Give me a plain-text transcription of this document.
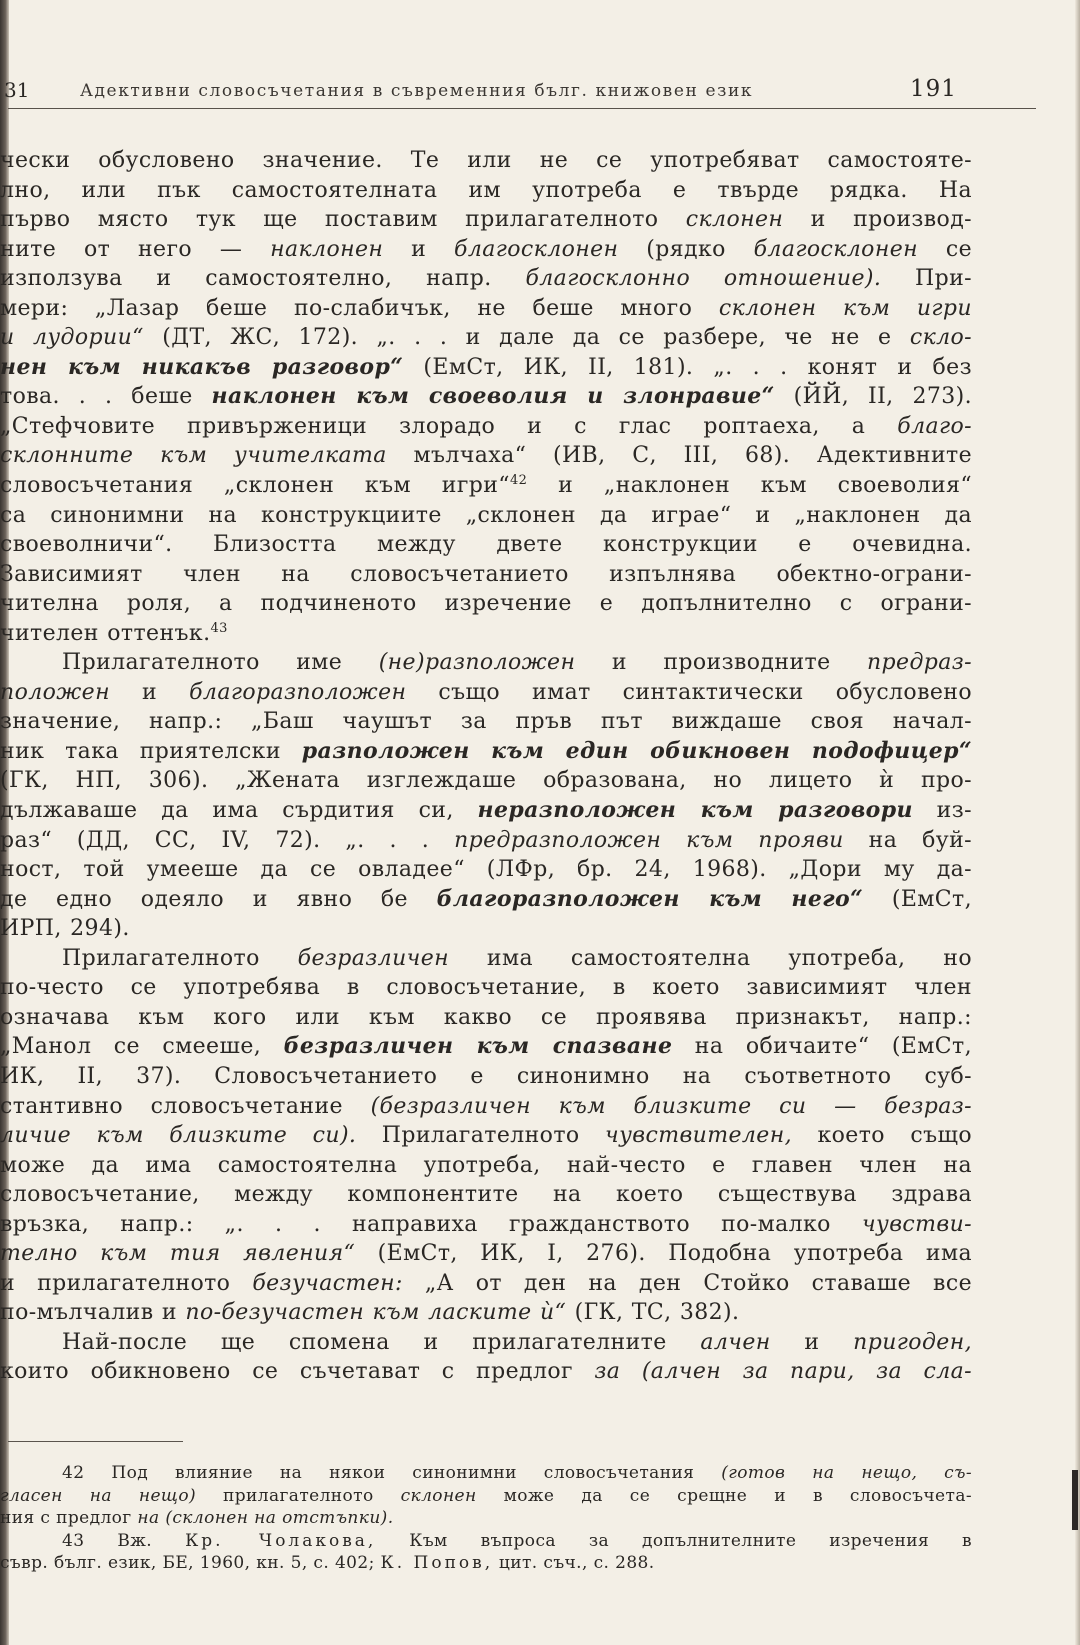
31	Адективни словосъчетания в съвременния бълг. книжовен език	191
чески обусловено значение. Те или не се употребяват самостояте-
лно, или пък самостоятелната им употреба е твърде рядка. На
първо място тук ще поставим прилагателното склонен и производ-
ните от него — наклонен и благосклонен (рядко благосклонен се
използува и самостоятелно, напр. благосклонно отношение). При-
мери: „Лазар беше по-слабичък, не беше много склонен към игри
и лудории“ (ДТ, ЖС, 172). „. . . и далe да се разбере, че не е скло-
нен към никакъв разговор“ (ЕмСт, ИК, II, 181). „. . . конят и без
това. . . беше наклонен към своеволия и злонравие“ (ЙЙ, II, 273).
„Стефчовите привърженици злорадо и с глас роптаеха, а благо-
склонните към учителката мълчаха“ (ИВ, С, III, 68). Адективните
словосъчетания „склонен към игри“$^{42}$ и „наклонен към своеволия“
са синонимни на конструкциите „склонен да играе“ и „наклонен да
своеволничи“. Близостта между двете конструкции е очевидна.
Зависимият член на словосъчетанието изпълнява обектно-ограни-
чителна роля, а подчиненото изречение е допълнително с ограни-
чителен оттенък.$^{43}$
Прилагателното име (не)разположен и производните предраз-
положен и благоразположен също имат синтактически обусловено
значение, напр.: „Баш чаушът за пръв път виждаше своя начал-
ник така приятелски разположен към един обикновен подофицер“
(ГК, НП, 306). „Жената изглеждаше образована, но лицето ѝ про-
дължаваше да има сърдития си, неразположен към разговори из-
раз“ (ДД, СС, IV, 72). „. . . предразположен към прояви на буй-
ност, той умееше да се овладее“ (ЛФр, бр. 24, 1968). „Дори му да-
де едно одеяло и явно бе благоразположен към него“ (ЕмСт,
ИРП, 294).
Прилагателното безразличен има самостоятелна употреба, но
по-често се употребява в словосъчетание, в което зависимият член
означава към кого или към какво се проявява признакът, напр.:
„Манол се смееше, безразличен към спазване на обичаите“ (ЕмСт,
ИК, II, 37). Словосъчетанието е синонимно на съответното суб-
стантивно словосъчетание (безразличен към близките си — безраз-
личие към близките си). Прилагателното чувствителен, което също
може да има самостоятелна употреба, най-често е главен член на
словосъчетание, между компонентите на което съществува здрава
връзка, напр.: „. . . направиха гражданството по-малко чувстви-
телно към тия явления“ (ЕмСт, ИК, I, 276). Подобна употреба има
и прилагателното безучастен: „А от ден на ден Стойко ставаше все
по-мълчалив и по-безучастен към ласките ѝ“ (ГК, ТС, 382).
Най-после ще спомена и прилагателните алчен и пригоден,
които обикновено се съчетават с предлог за (алчен за пари, за сла-
42 Под влияние на някои синонимни словосъчетания (готов на нещо, съ-
гласен на нещо) прилагателното склонен може да се срещне и в словосъчета-
ния с предлог на (склонен на отстъпки).
43 Вж. Кр. Чолакова, Към въпроса за допълнителните изречения в
съвр. бълг. език, БЕ, 1960, кн. 5, с. 402; К. Попов, цит. съч., с. 288.
